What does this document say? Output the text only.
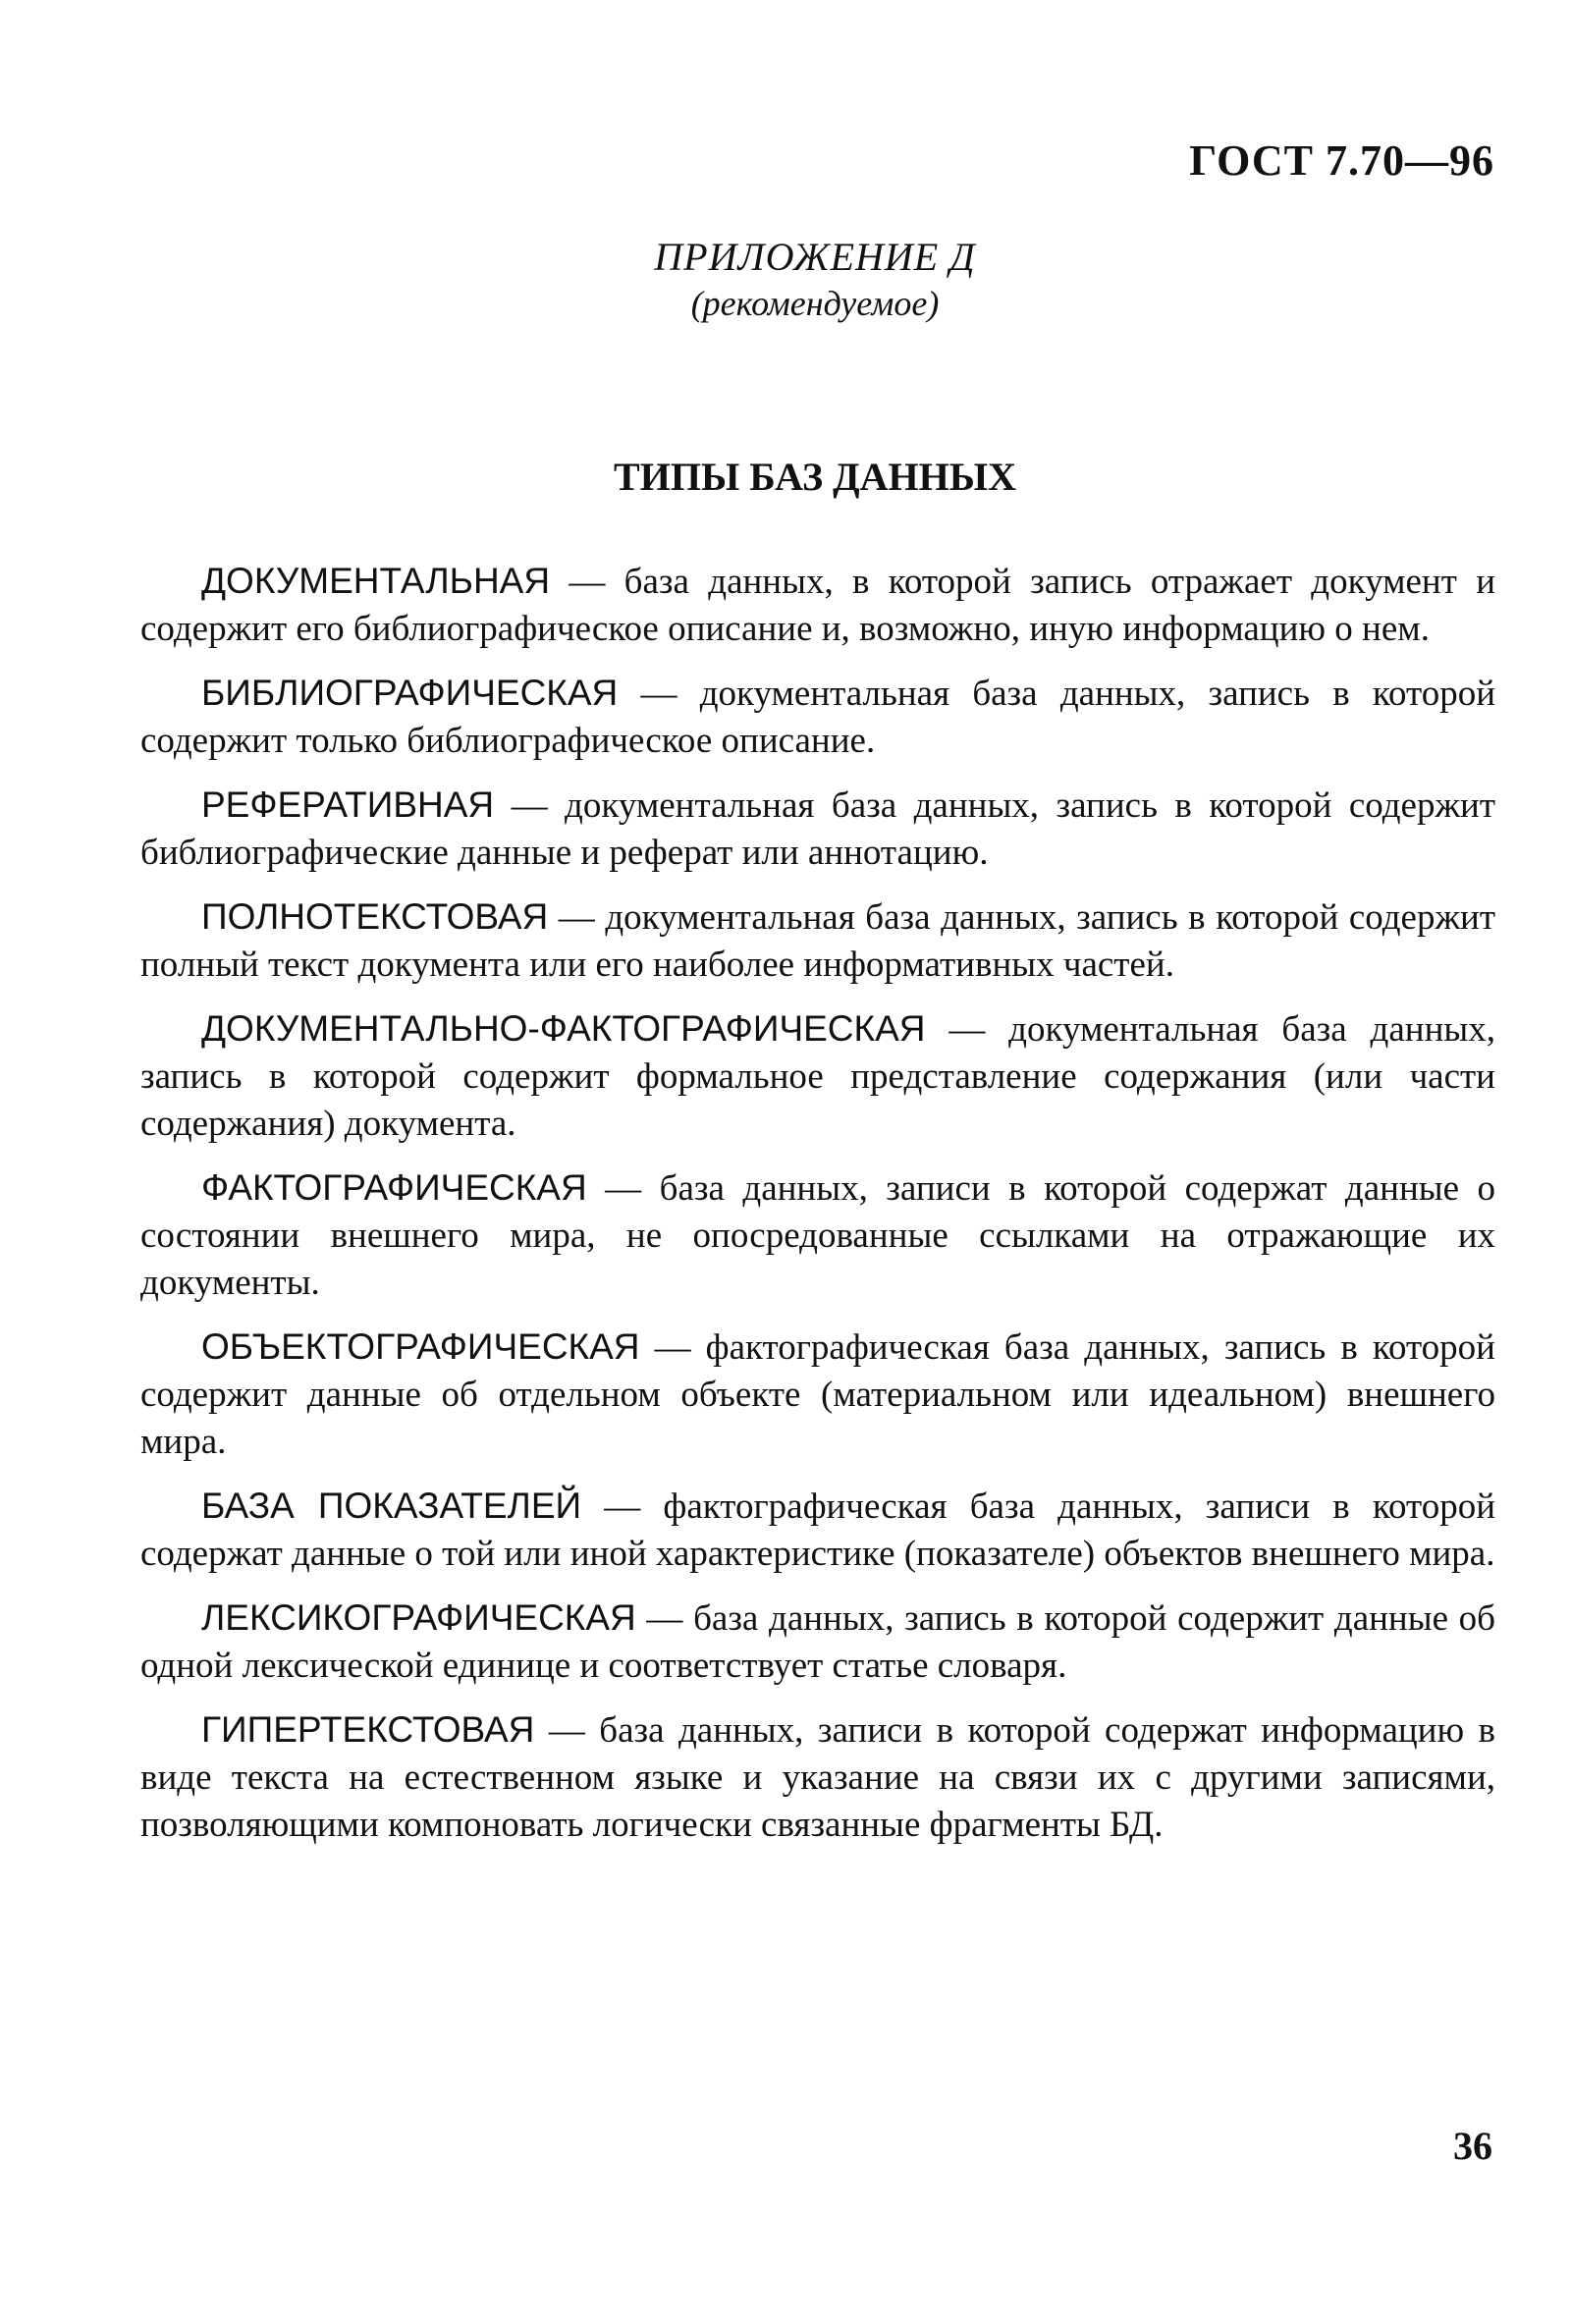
ГОСТ 7.70—96
ПРИЛОЖЕНИЕ Д
(рекомендуемое)
ТИПЫ БАЗ ДАННЫХ

ДОКУМЕНТАЛЬНАЯ — база данных, в которой запись отражает документ и содержит его библиографическое описание и, возможно, иную информацию о нем.

БИБЛИОГРАФИЧЕСКАЯ — документальная база данных, запись в которой содержит только библиографическое описание.

РЕФЕРАТИВНАЯ — документальная база данных, запись в которой содержит библиографические данные и реферат или аннотацию.

ПОЛНОТЕКСТОВАЯ — документальная база данных, запись в которой содержит полный текст документа или его наиболее информативных частей.

ДОКУМЕНТАЛЬНО-ФАКТОГРАФИЧЕСКАЯ — документальная база данных, запись в которой содержит формальное представление содержания (или части содержания) документа.

ФАКТОГРАФИЧЕСКАЯ — база данных, записи в которой содержат данные о состоянии внешнего мира, не опосредованные ссылками на отражающие их документы.

ОБЪЕКТОГРАФИЧЕСКАЯ — фактографическая база данных, запись в которой содержит данные об отдельном объекте (материальном или идеальном) внешнего мира.

БАЗА ПОКАЗАТЕЛЕЙ — фактографическая база данных, записи в которой содержат данные о той или иной характеристике (показателе) объектов внешнего мира.

ЛЕКСИКОГРАФИЧЕСКАЯ — база данных, запись в которой содержит данные об одной лексической единице и соответствует статье словаря.

ГИПЕРТЕКСТОВАЯ — база данных, записи в которой содержат информацию в виде текста на естественном языке и указание на связи их с другими записями, позволяющими компоновать логически связанные фрагменты БД.

36
